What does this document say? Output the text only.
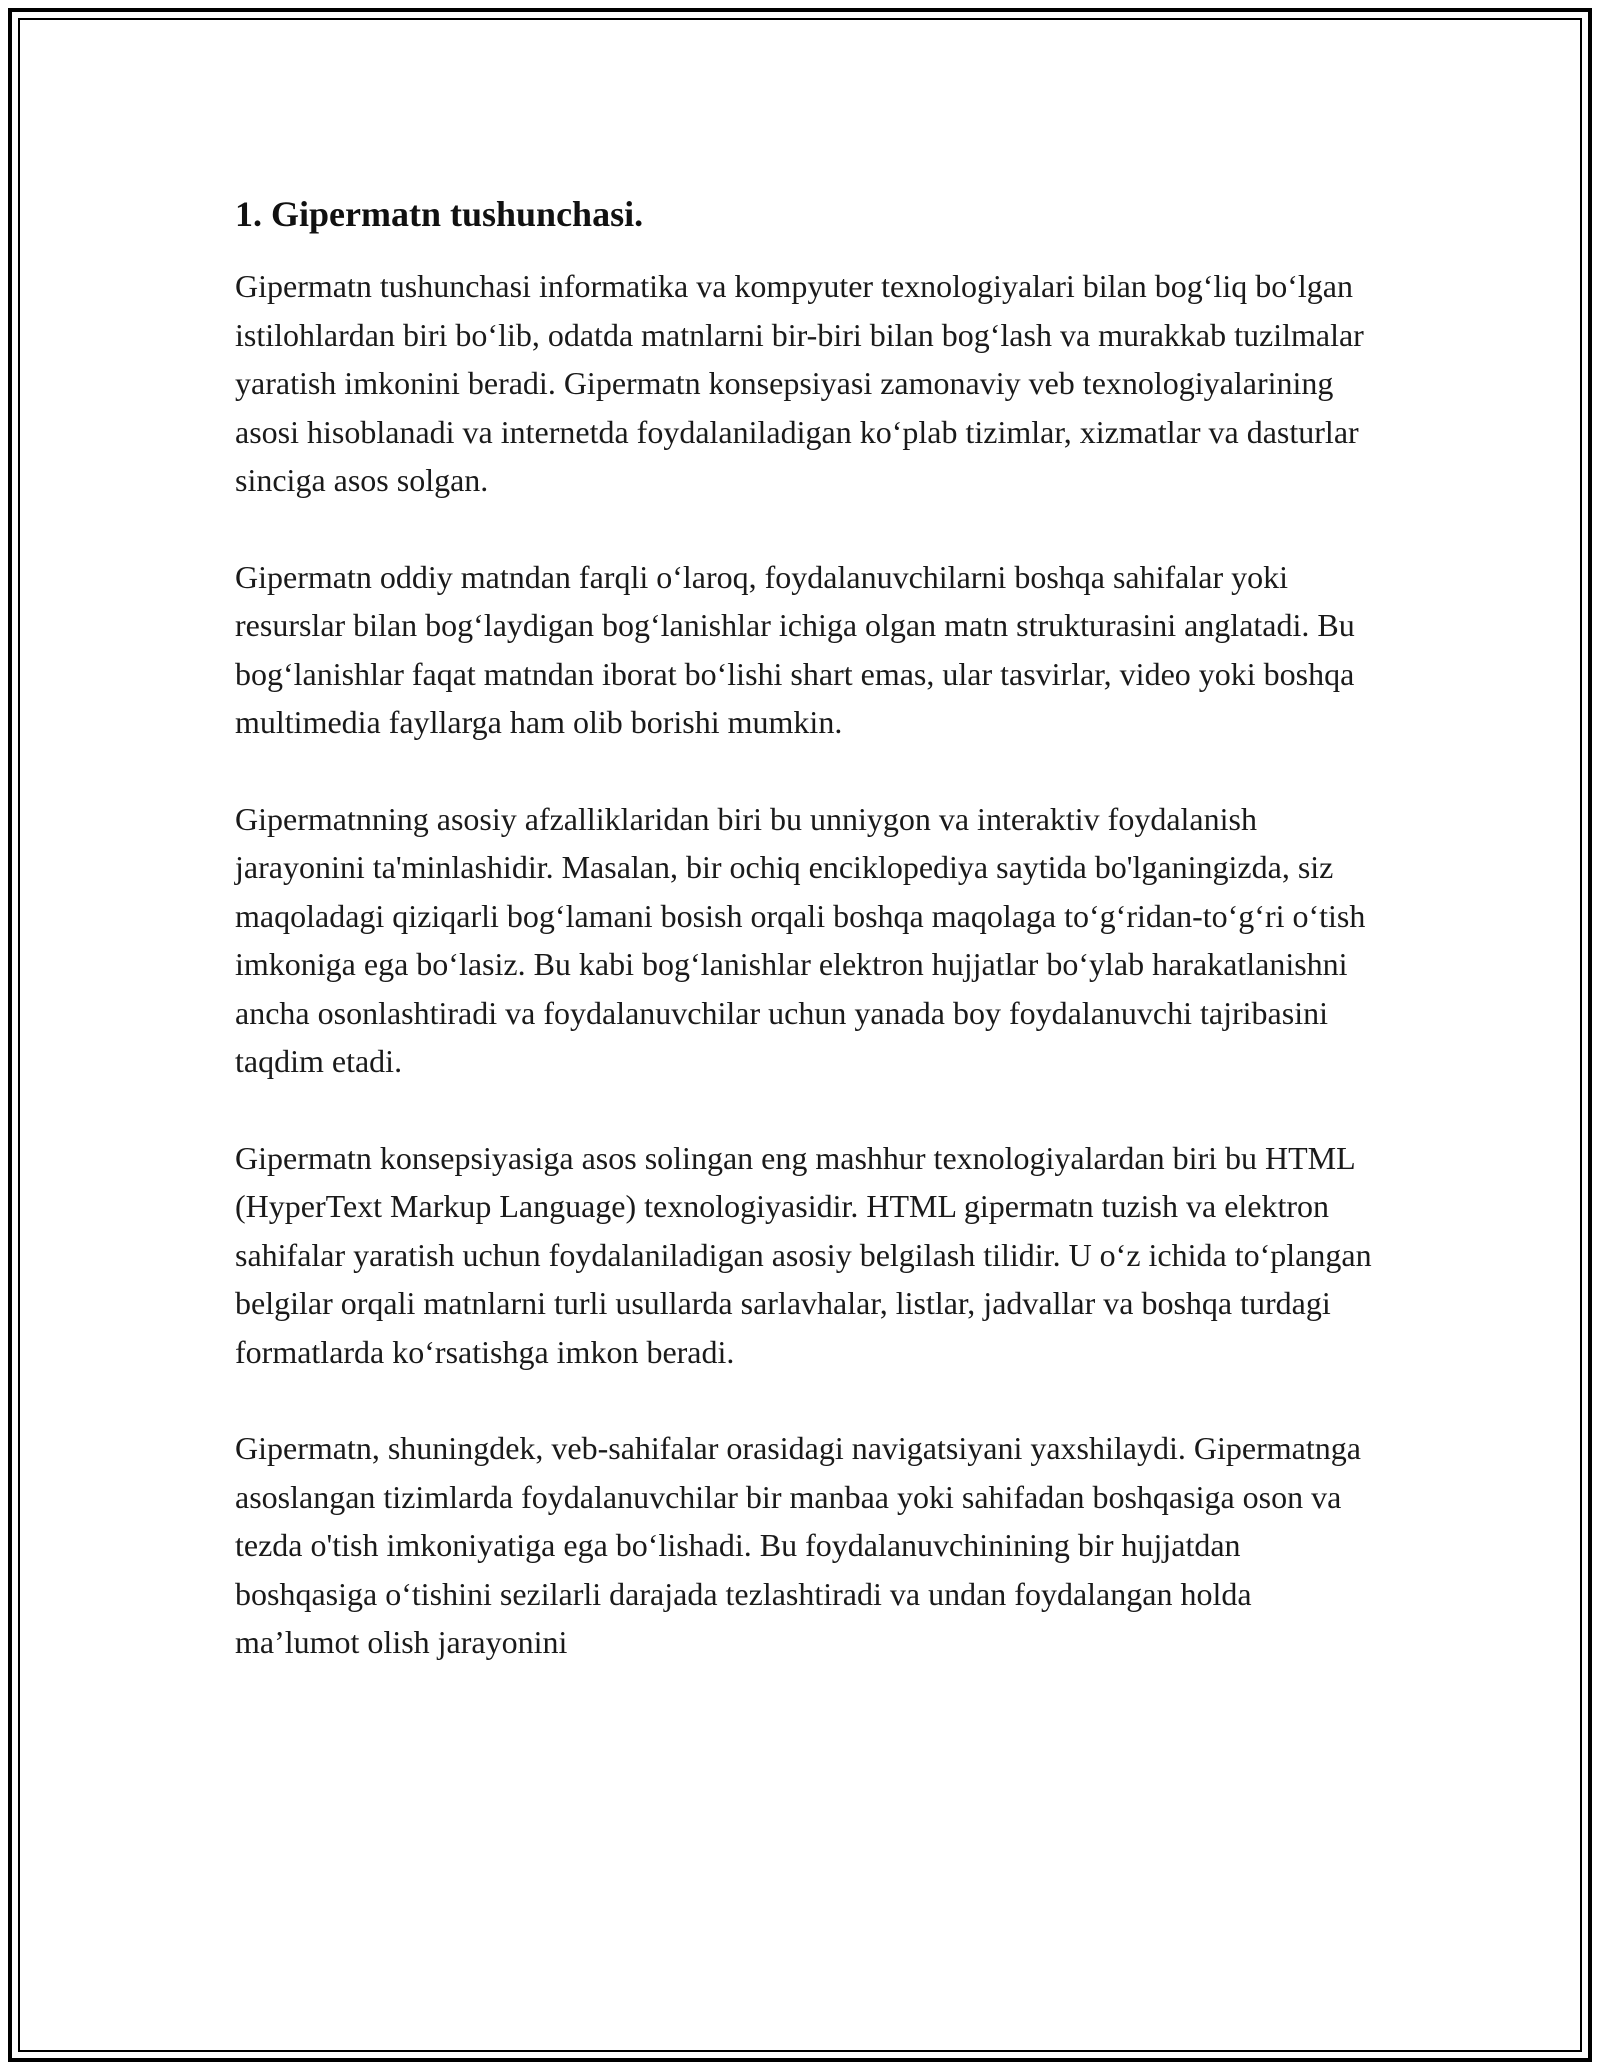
1. Gipermatn tushunchasi.

Gipermatn tushunchasi informatika va kompyuter texnologiyalari bilan bog‘liq bo‘lgan istilohlardan biri bo‘lib, odatda matnlarni bir-biri bilan bog‘lash va murakkab tuzilmalar yaratish imkonini beradi. Gipermatn konsepsiyasi zamonaviy veb texnologiyalarining asosi hisoblanadi va internetda foydalaniladigan ko‘plab tizimlar, xizmatlar va dasturlar sinciga asos solgan.

Gipermatn oddiy matndan farqli o‘laroq, foydalanuvchilarni boshqa sahifalar yoki resurslar bilan bog‘laydigan bog‘lanishlar ichiga olgan matn strukturasini anglatadi. Bu bog‘lanishlar faqat matndan iborat bo‘lishi shart emas, ular tasvirlar, video yoki boshqa multimedia fayllarga ham olib borishi mumkin.

Gipermatnning asosiy afzalliklaridan biri bu unniygon va interaktiv foydalanish jarayonini ta'minlashidir. Masalan, bir ochiq enciklopediya saytida bo'lganingizda, siz maqoladagi qiziqarli bog‘lamani bosish orqali boshqa maqolaga to‘g‘ridan-to‘g‘ri o‘tish imkoniga ega bo‘lasiz. Bu kabi bog‘lanishlar elektron hujjatlar bo‘ylab harakatlanishni ancha osonlashtiradi va foydalanuvchilar uchun yanada boy foydalanuvchi tajribasini taqdim etadi.

Gipermatn konsepsiyasiga asos solingan eng mashhur texnologiyalardan biri bu HTML (HyperText Markup Language) texnologiyasidir. HTML gipermatn tuzish va elektron sahifalar yaratish uchun foydalaniladigan asosiy belgilash tilidir. U o‘z ichida to‘plangan belgilar orqali matnlarni turli usullarda sarlavhalar, listlar, jadvallar va boshqa turdagi formatlarda ko‘rsatishga imkon beradi.

Gipermatn, shuningdek, veb-sahifalar orasidagi navigatsiyani yaxshilaydi. Gipermatnga asoslangan tizimlarda foydalanuvchilar bir manbaa yoki sahifadan boshqasiga oson va tezda o'tish imkoniyatiga ega bo‘lishadi. Bu foydalanuvchinining bir hujjatdan boshqasiga o‘tishini sezilarli darajada tezlashtiradi va undan foydalangan holda ma’lumot olish jarayonini
